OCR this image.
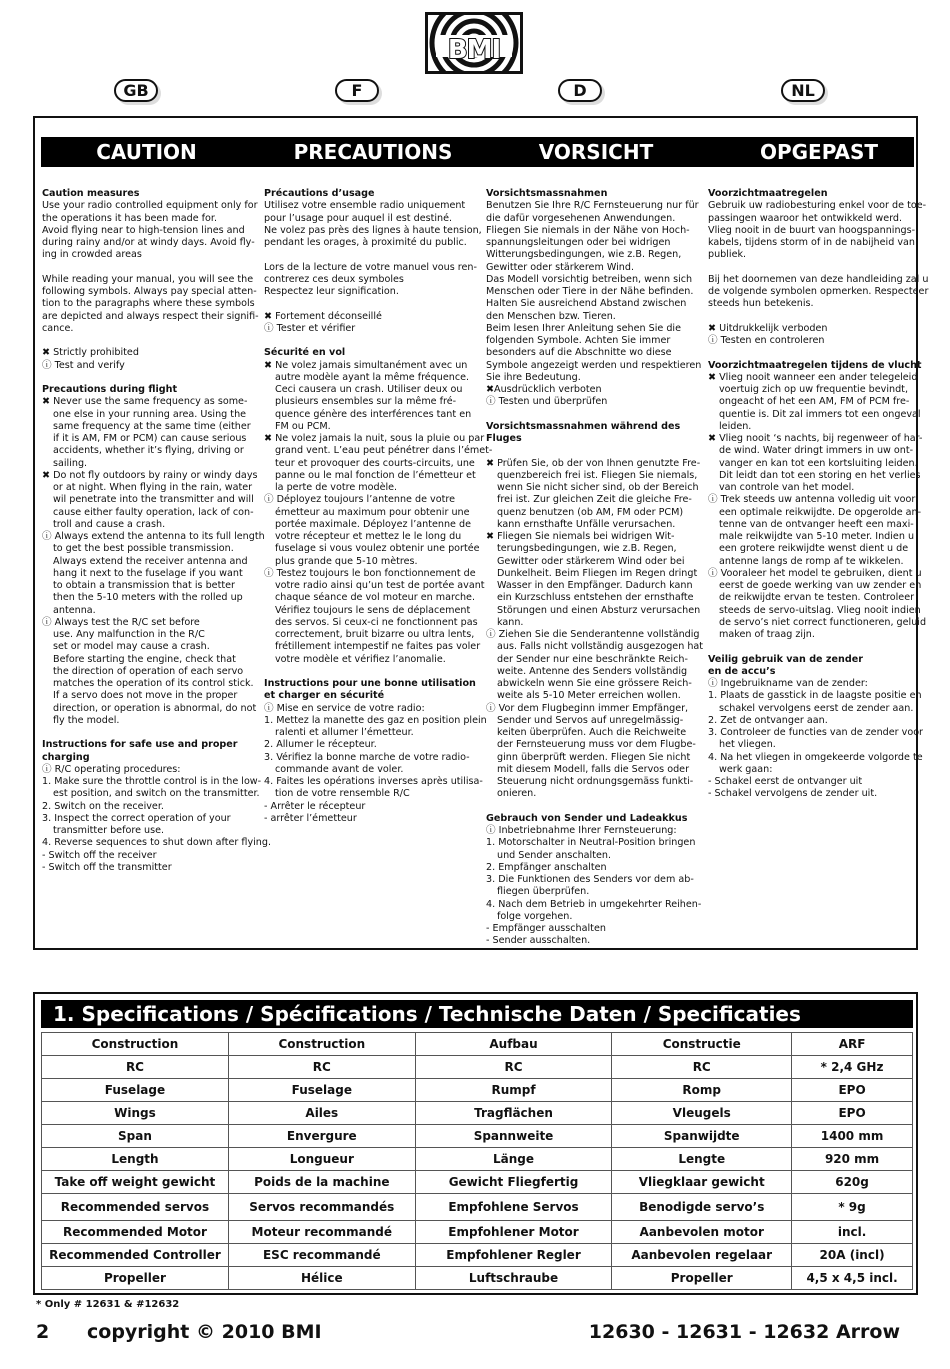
BMI
GB	F	D	NL
CAUTION	PRECAUTIONS	VORSICHT	OPGEPAST

Caution measures

Use your radio controlled equipment only for

the operations it has been made for.

Avoid flying near to high-tension lines and

during rainy and/or at windy days. Avoid fly-

ing in crowded areas

While reading your manual, you will see the

following symbols. Always pay special atten-

tion to the paragraphs where these symbols

are depicted and always respect their signifi-

cance.

✖ Strictly prohibited

ⓘ Test and verify

Precautions during flight

✖ Never use the same frequency as some-

one else in your running area. Using the

same frequency at the same time (either

if it is AM, FM or PCM) can cause serious

accidents, whether it’s flying, driving or

sailing.

✖ Do not fly outdoors by rainy or windy days

or at night. When flying in the rain, water

wil penetrate into the transmitter and will

cause either faulty operation, lack of con-

troll and cause a crash.

ⓘ Always extend the antenna to its full length

to get the best possible transmission.

Always extend the receiver antenna and

hang it next to the fuselage if you want

to obtain a transmission that is better

then the 5-10 meters with the rolled up

antenna.

ⓘ Always test the R/C set before

use. Any malfunction in the R/C

set or model may cause a crash.

Before starting the engine, check that

the direction of operation of each servo

matches the operation of its control stick.

If a servo does not move in the proper

direction, or operation is abnormal, do not

fly the model.

Instructions for safe use and proper

charging

ⓘ R/C operating procedures:

1. Make sure the throttle control is in the low-

est position, and switch on the transmitter.

2. Switch on the receiver.

3. Inspect the correct operation of your

transmitter before use.

4. Reverse sequences to shut down after flying.

- Switch off the receiver

- Switch off the transmitter

Précautions d’usage

Utilisez votre ensemble radio uniquement

pour l’usage pour auquel il est destiné.

Ne volez pas près des lignes à haute tension,

pendant les orages, à proximité du public.

Lors de la lecture de votre manuel vous ren-

contrerez ces deux symboles

Respectez leur signification.

✖ Fortement déconseillé

ⓘ Tester et vérifier

Sécurité en vol

✖ Ne volez jamais simultanément avec un

autre modèle ayant la même fréquence.

Ceci causera un crash. Utiliser deux ou

plusieurs ensembles sur la même fré-

quence génère des interférences tant en

FM ou PCM.

✖ Ne volez jamais la nuit, sous la pluie ou par

grand vent. L’eau peut pénétrer dans l’émet-

teur et provoquer des courts-circuits, une

panne ou le mal fonction de l’émetteur et

la perte de votre modèle.

ⓘ Déployez toujours l’antenne de votre

émetteur au maximum pour obtenir une

portée maximale. Déployez l’antenne de

votre récepteur et mettez le le long du

fuselage si vous voulez obtenir une portée

plus grande que 5-10 mètres.

ⓘ Testez toujours le bon fonctionnement de

votre radio ainsi qu’un test de portée avant

chaque séance de vol moteur en marche.

Vérifiez toujours le sens de déplacement

des servos. Si ceux-ci ne fonctionnent pas

correctement, bruit bizarre ou ultra lents,

frétillement intempestif ne faites pas voler

votre modèle et vérifiez l’anomalie.

Instructions pour une bonne utilisation

et charger en sécurité

ⓘ Mise en service de votre radio:

1. Mettez la manette des gaz en position plein

ralenti et allumer l’émetteur.

2. Allumer le récepteur.

3. Vérifiez la bonne marche de votre radio-

commande avant de voler.

4. Faites les opérations inverses après utilisa-

tion de votre rensemble R/C

- Arrêter le récepteur

- arrêter l’émetteur

Vorsichtsmassnahmen

Benutzen Sie Ihre R/C Fernsteuerung nur für

die dafür vorgesehenen Anwendungen.

Fliegen Sie niemals in der Nähe von Hoch-

spannungsleitungen oder bei widrigen

Witterungsbedingungen, wie z.B. Regen,

Gewitter oder stärkerem Wind.

Das Modell vorsichtig betreiben, wenn sich

Menschen oder Tiere in der Nähe befinden.

Halten Sie ausreichend Abstand zwischen

den Menschen bzw. Tieren.

Beim lesen Ihrer Anleitung sehen Sie die

folgenden Symbole. Achten Sie immer

besonders auf die Abschnitte wo diese

Symbole angezeigt werden und respektieren

Sie ihre Bedeutung.

✖Ausdrücklich verboten

ⓘ Testen und überprüfen

Vorsichtsmassnahmen während des

Fluges

✖ Prüfen Sie, ob der von Ihnen genutzte Fre-

quenzbereich frei ist. Fliegen Sie niemals,

wenn Sie nicht sicher sind, ob der Bereich

frei ist. Zur gleichen Zeit die gleiche Fre-

quenz benutzen (ob AM, FM oder PCM)

kann ernsthafte Unfälle verursachen.

✖ Fliegen Sie niemals bei widrigen Wit-

terungsbedingungen, wie z.B. Regen,

Gewitter oder stärkerem Wind oder bei

Dunkelheit. Beim Fliegen im Regen dringt

Wasser in den Empfänger. Dadurch kann

ein Kurzschluss entstehen der ernsthafte

Störungen und einen Absturz verursachen

kann.

ⓘ Ziehen Sie die Senderantenne vollständig

aus. Falls nicht vollständig ausgezogen hat

der Sender nur eine beschränkte Reich-

weite. Antenne des Senders vollständig

abwickeln wenn Sie eine grössere Reich-

weite als 5-10 Meter erreichen wollen.

ⓘ Vor dem Flugbeginn immer Empfänger,

Sender und Servos auf unregelmässig-

keiten überprüfen. Auch die Reichweite

der Fernsteuerung muss vor dem Flugbe-

ginn überprüft werden. Fliegen Sie nicht

mit diesem Modell, falls die Servos oder

Steuerung nicht ordnungsgemäss funkti-

onieren.

Gebrauch von Sender und Ladeakkus

ⓘ Inbetriebnahme Ihrer Fernsteuerung:

1. Motorschalter in Neutral-Position bringen

und Sender anschalten.

2. Empfänger anschalten

3. Die Funktionen des Senders vor dem ab-

fliegen überprüfen.

4. Nach dem Betrieb in umgekehrter Reihen-

folge vorgehen.

- Empfänger ausschalten

- Sender ausschalten.

Voorzichtmaatregelen

Gebruik uw radiobesturing enkel voor de toe-

passingen waaroor het ontwikkeld werd.

Vlieg nooit in de buurt van hoogspannings-

kabels, tijdens storm of in de nabijheid van

publiek.

Bij het doornemen van deze handleiding zal u

de volgende symbolen opmerken. Respecteer

steeds hun betekenis.

✖ Uitdrukkelijk verboden

ⓘ Testen en controleren

Voorzichtmaatregelen tijdens de vlucht

✖ Vlieg nooit wanneer een ander telegeleid

voertuig zich op uw frequentie bevindt,

ongeacht of het een AM, FM of PCM fre-

quentie is. Dit zal immers tot een ongeval

leiden.

✖ Vlieg nooit ‘s nachts, bij regenweer of har-

de wind. Water dringt immers in uw ont-

vanger en kan tot een kortsluiting leiden.

Dit leidt dan tot een storing en het verlies

van controle van het model.

ⓘ Trek steeds uw antenna volledig uit voor

een optimale reikwijdte. De opgerolde an-

tenne van de ontvanger heeft een maxi-

male reikwijdte van 5-10 meter. Indien u

een grotere reikwijdte wenst dient u de

antenne langs de romp af te wikkelen.

ⓘ Vooraleer het model te gebruiken, dient u

eerst de goede werking van uw zender en

de reikwijdte ervan te testen. Controleer

steeds de servo-uitslag. Vlieg nooit indien

de servo’s niet correct functioneren, geluid

maken of traag zijn.

Veilig gebruik van de zender

en de accu’s

ⓘ Ingebruikname van de zender:

1. Plaats de gasstick in de laagste positie en

schakel vervolgens eerst de zender aan.

2. Zet de ontvanger aan.

3. Controleer de functies van de zender voor

het vliegen.

4. Na het vliegen in omgekeerde volgorde te

werk gaan:

- Schakel eerst de ontvanger uit

- Schakel vervolgens de zender uit.

1. Specifications / Spécifications / Technische Daten / Specificaties
Construction	Construction	Aufbau	Constructie	ARF
RC	RC	RC	RC	* 2,4 GHz
Fuselage	Fuselage	Rumpf	Romp	EPO
Wings	Ailes	Tragflächen	Vleugels	EPO
Span	Envergure	Spannweite	Spanwijdte	1400 mm
Length	Longueur	Länge	Lengte	920 mm
Take off weight gewicht	Poids de la machine	Gewicht Fliegfertig	Vliegklaar gewicht	620g
Recommended servos	Servos recommandés	Empfohlene Servos	Benodigde servo’s	* 9g
Recommended Motor	Moteur recommandé	Empfohlener Motor	Aanbevolen motor	incl.
Recommended Controller	ESC recommandé	Empfohlener Regler	Aanbevolen regelaar	20A (incl)
Propeller	Hélice	Luftschraube	Propeller	4,5 x 4,5 incl.
* Only # 12631 & #12632
2 copyright © 2010 BMI	12630 - 12631 - 12632 Arrow
